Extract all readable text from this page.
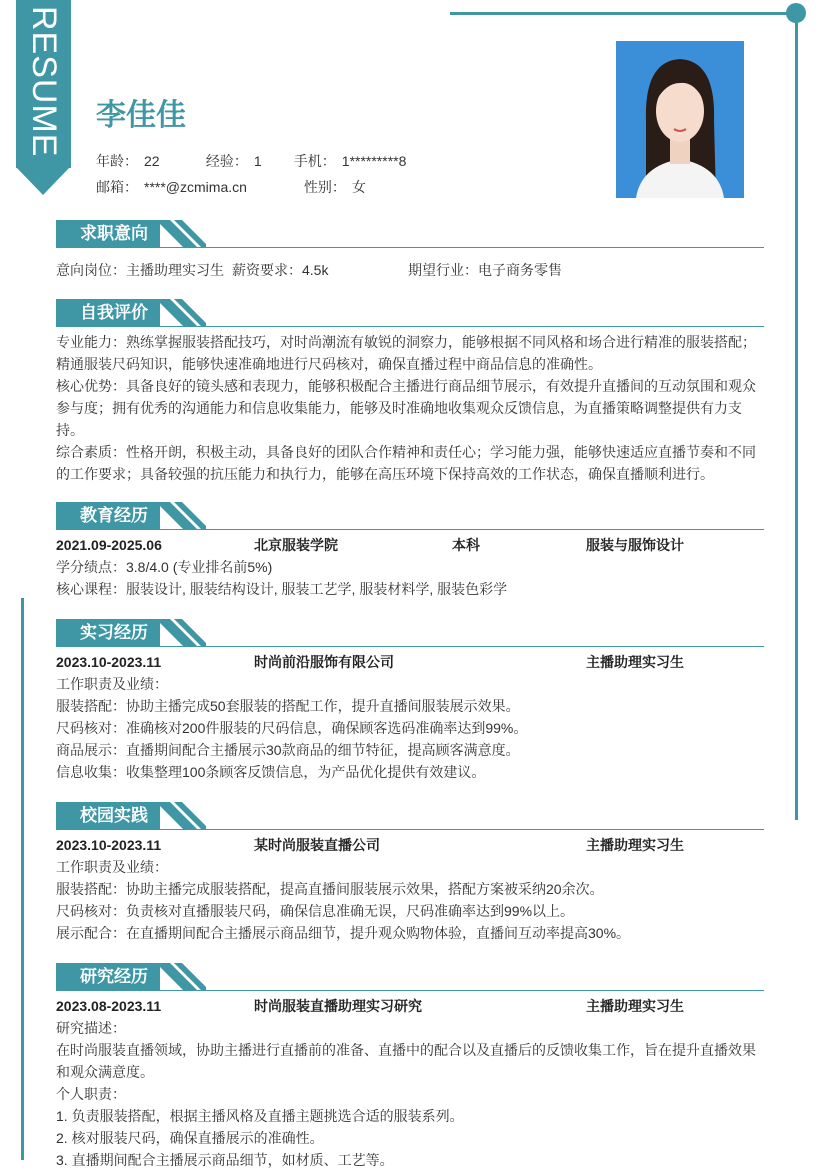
RESUME 李佳佳
年龄： 22	经验： 1 手机： 1*********8
邮箱： ****@zcmima.cn	性别： 女
求职意向
意向岗位：主播助理实习生 薪资要求：4.5k	期望行业：电子商务零售
自我评价
专业能力：熟练掌握服装搭配技巧，对时尚潮流有敏锐的洞察力，能够根据不同风格和场合进行精准的服装搭配；精通服装尺码知识，能够快速准确地进行尺码核对，确保直播过程中商品信息的准确性。
核心优势：具备良好的镜头感和表现力，能够积极配合主播进行商品细节展示，有效提升直播间的互动氛围和观众参与度；拥有优秀的沟通能力和信息收集能力，能够及时准确地收集观众反馈信息，为直播策略调整提供有力支持。
综合素质：性格开朗，积极主动，具备良好的团队合作精神和责任心；学习能力强，能够快速适应直播节奏和不同的工作要求；具备较强的抗压能力和执行力，能够在高压环境下保持高效的工作状态，确保直播顺利进行。
教育经历
2021.09-2025.06	北京服装学院	本科	服装与服饰设计
学分绩点：3.8/4.0 (专业排名前5%)
核心课程：服装设计, 服装结构设计, 服装工艺学, 服装材料学, 服装色彩学
实习经历
2023.10-2023.11	时尚前沿服饰有限公司	主播助理实习生
工作职责及业绩：
服装搭配：协助主播完成50套服装的搭配工作，提升直播间服装展示效果。
尺码核对：准确核对200件服装的尺码信息，确保顾客选码准确率达到99%。
商品展示：直播期间配合主播展示30款商品的细节特征，提高顾客满意度。
信息收集：收集整理100条顾客反馈信息，为产品优化提供有效建议。
校园实践
2023.10-2023.11	某时尚服装直播公司	主播助理实习生
工作职责及业绩：
服装搭配：协助主播完成服装搭配，提高直播间服装展示效果，搭配方案被采纳20余次。
尺码核对：负责核对直播服装尺码，确保信息准确无误，尺码准确率达到99%以上。
展示配合：在直播期间配合主播展示商品细节，提升观众购物体验，直播间互动率提高30%。
研究经历
2023.08-2023.11	时尚服装直播助理实习研究	主播助理实习生
研究描述：
在时尚服装直播领域，协助主播进行直播前的准备、直播中的配合以及直播后的反馈收集工作，旨在提升直播效果和观众满意度。
个人职责：
1. 负责服装搭配，根据主播风格及直播主题挑选合适的服装系列。
2. 核对服装尺码，确保直播展示的准确性。
3. 直播期间配合主播展示商品细节，如材质、工艺等。
